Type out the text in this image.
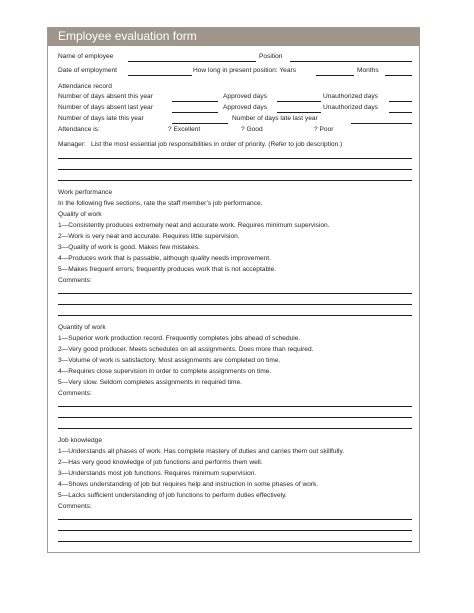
Employee evaluation form
Name of employee	Position
Date of employment	How long in present position: Years	Months
Attendance record
Number of days absent this year	Approved days	Unauthorized days
Number of days absent last year	Approved days	Unauthorized days
Number of days late this year	Number of days late last year
Attendance is:	? Excellent	? Good	? Poor
Manager: List the most essential job responsibilities in order of priority. (Refer to job description.)
Work performance
In the following five sections, rate the staff member’s job performance.
Quality of work
1—Consistently produces extremely neat and accurate work. Requires minimum supervision.
2—Work is very neat and accurate. Requires little supervision.
3—Quality of work is good. Makes few mistakes.
4—Produces work that is passable, although quality needs improvement.
5—Makes frequent errors; frequently produces work that is not acceptable.
Comments:
Quantity of work
1—Superior work production record. Frequently completes jobs ahead of schedule.
2—Very good producer. Meets schedules on all assignments. Does more than required.
3—Volume of work is satisfactory. Most assignments are completed on time.
4—Requires close supervision in order to complete assignments on time.
5—Very slow. Seldom completes assignments in required time.
Comments:
Job knowledge
1—Understands all phases of work. Has complete mastery of duties and carries them out skillfully.
2—Has very good knowledge of job functions and performs them well.
3—Understands most job functions. Requires minimum supervision.
4—Shows understanding of job but requires help and instruction in some phases of work.
5—Lacks sufficient understanding of job functions to perform duties effectively.
Comments:
